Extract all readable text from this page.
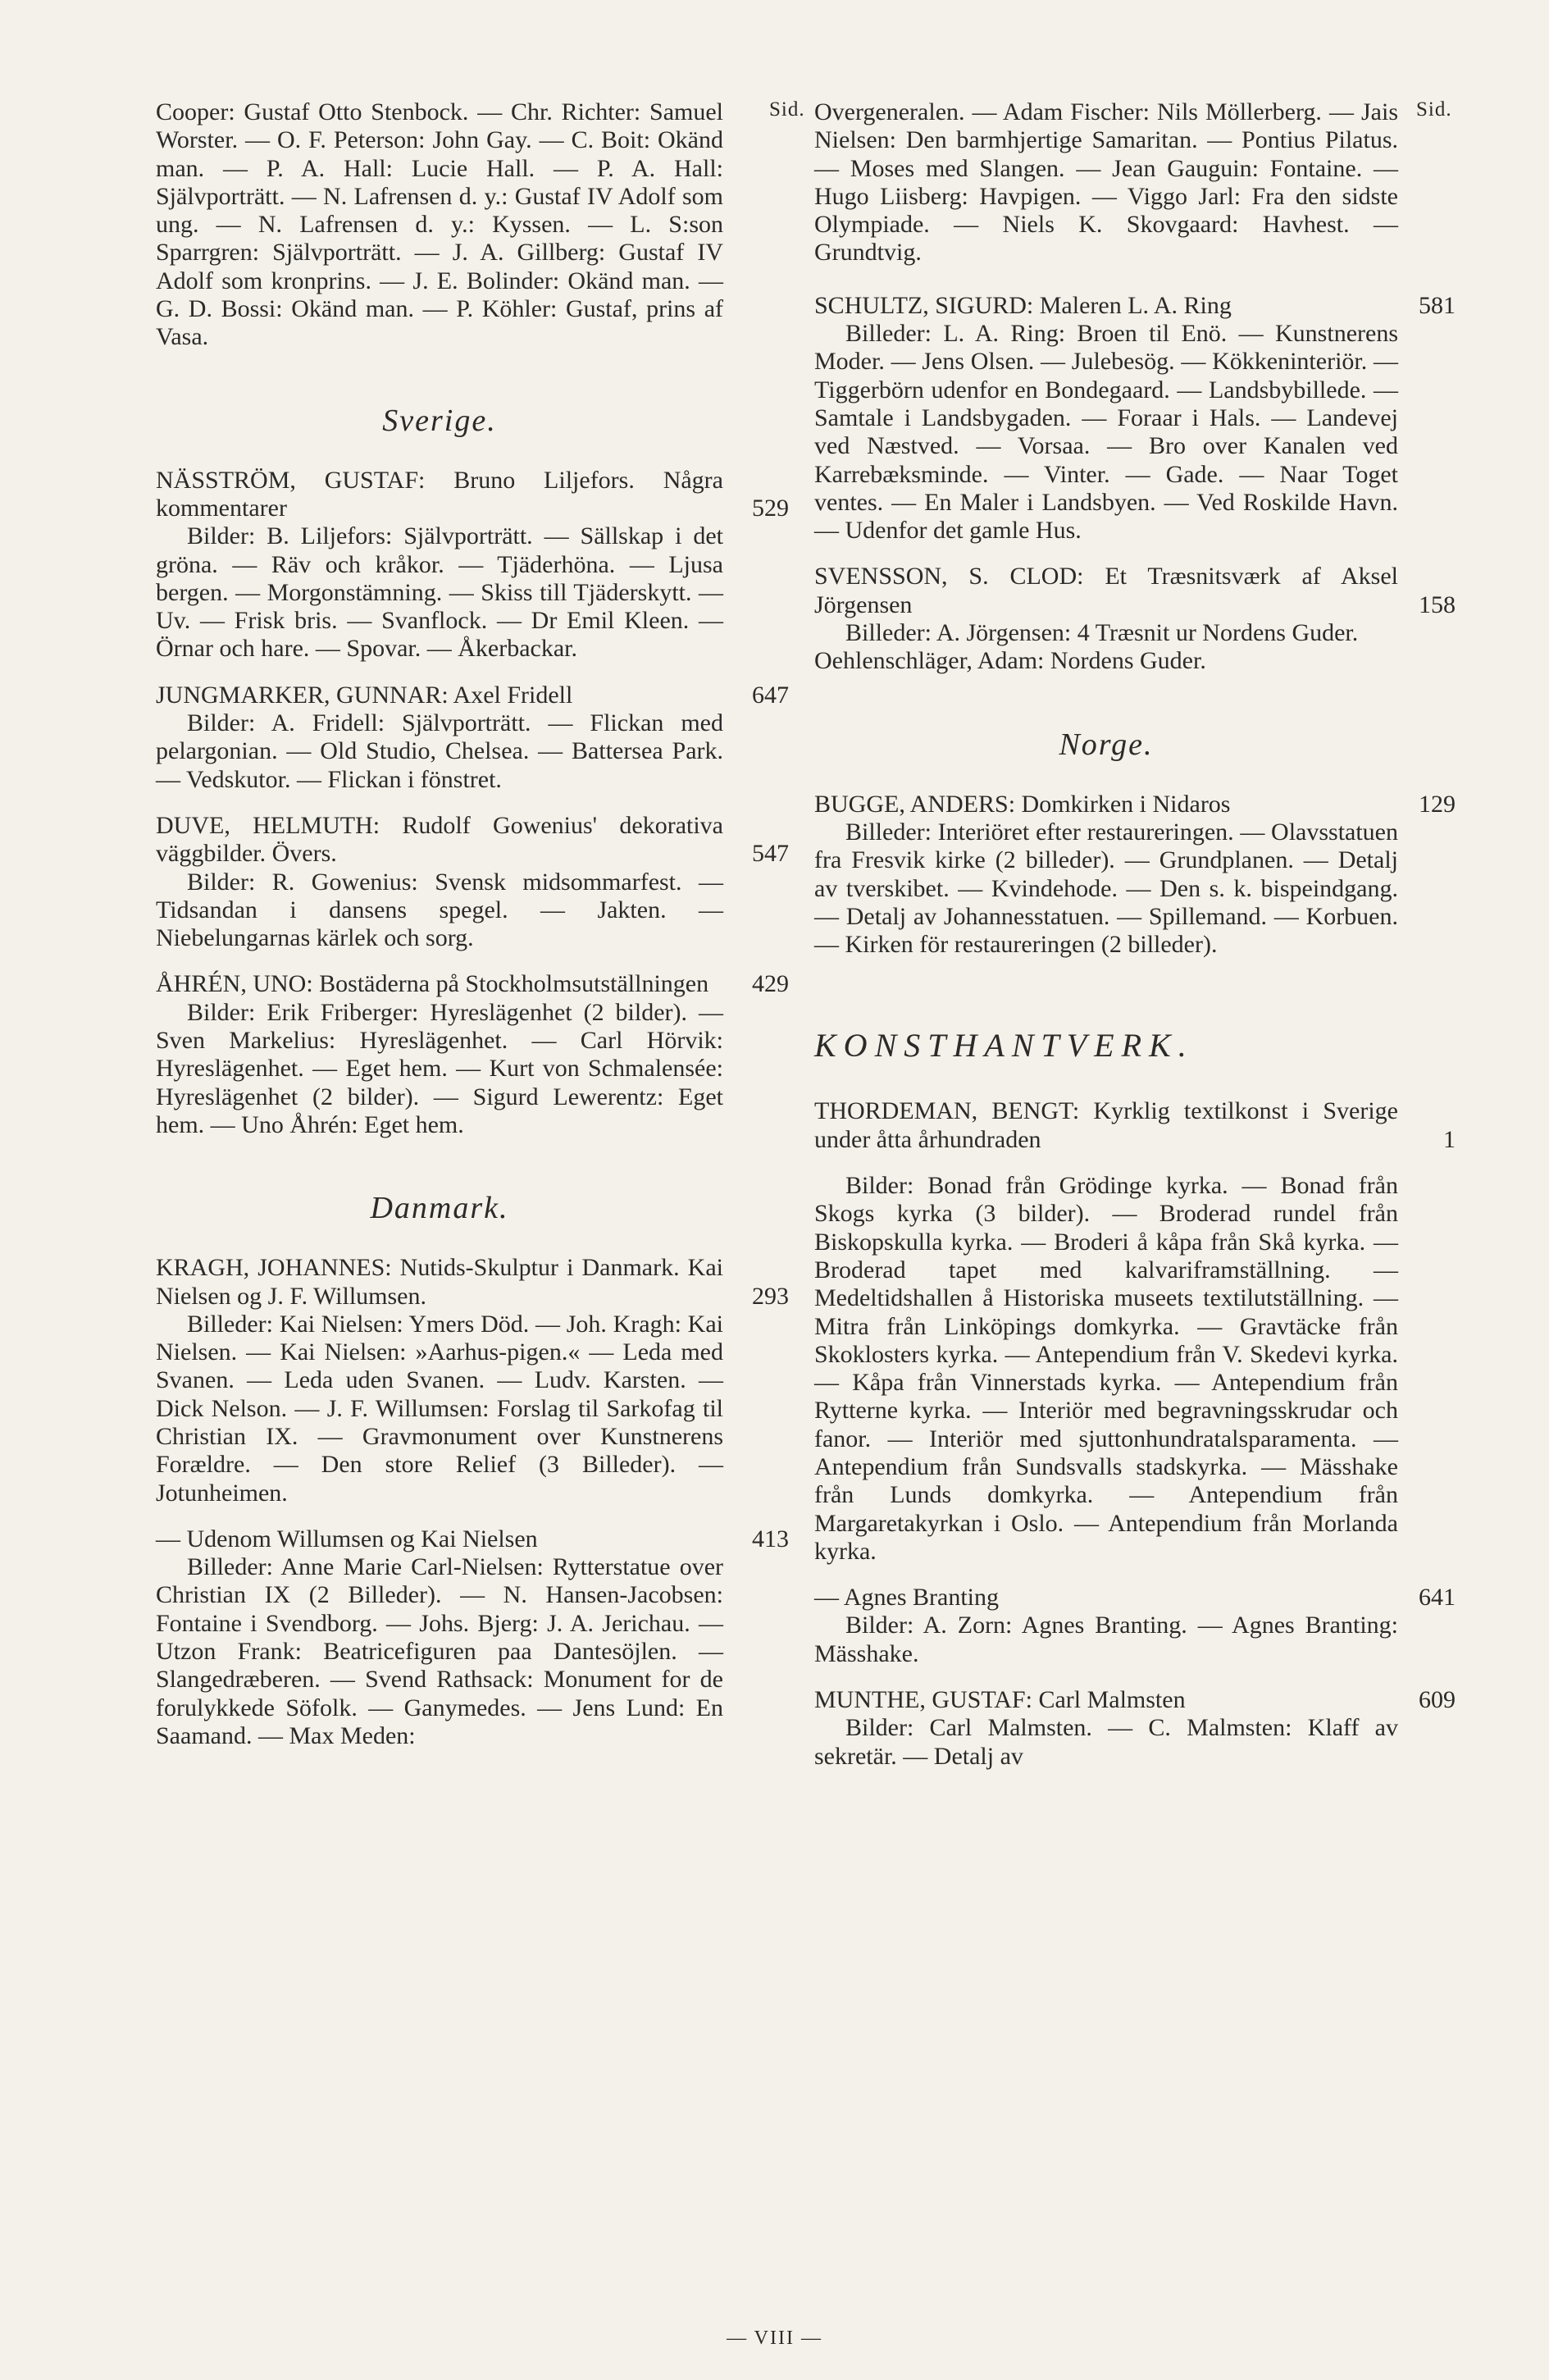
Sid.	Sid.

Cooper: Gustaf Otto Stenbock. — Chr. Richter: Samuel Worster. — O. F. Peterson: John Gay. — C. Boit: Okänd man. — P. A. Hall: Lucie Hall. — P. A. Hall: Självporträtt. — N. Lafrensen d. y.: Gustaf IV Adolf som ung. — N. Lafrensen d. y.: Kyssen. — L. S:son Sparrgren: Självporträtt. — J. A. Gillberg: Gustaf IV Adolf som kronprins. — J. E. Bolinder: Okänd man. — G. D. Bossi: Okänd man. — P. Köhler: Gustaf, prins af Vasa.

Sverige.

NÄSSTRÖM, GUSTAF: Bruno Liljefors. Några kommentarer	529

Bilder: B. Liljefors: Självporträtt. — Sällskap i det gröna. — Räv och kråkor. — Tjäderhöna. — Ljusa bergen. — Morgonstämning. — Skiss till Tjäderskytt. — Uv. — Frisk bris. — Svanflock. — Dr Emil Kleen. — Örnar och hare. — Spovar. — Åkerbackar.

JUNGMARKER, GUNNAR: Axel Fridell	647

Bilder: A. Fridell: Självporträtt. — Flickan med pelargonian. — Old Studio, Chelsea. — Battersea Park. — Vedskutor. — Flickan i fönstret.

DUVE, HELMUTH: Rudolf Gowenius' dekorativa väggbilder. Övers.	547

Bilder: R. Gowenius: Svensk midsommarfest. — Tidsandan i dansens spegel. — Jakten. — Niebelungarnas kärlek och sorg.

ÅHRÉN, UNO: Bostäderna på Stockholmsutställningen	429

Bilder: Erik Friberger: Hyreslägenhet (2 bilder). — Sven Markelius: Hyreslägenhet. — Carl Hörvik: Hyreslägenhet. — Eget hem. — Kurt von Schmalensée: Hyreslägenhet (2 bilder). — Sigurd Lewerentz: Eget hem. — Uno Åhrén: Eget hem.

Danmark.

KRAGH, JOHANNES: Nutids-Skulptur i Danmark. Kai Nielsen og J. F. Willumsen.	293

Billeder: Kai Nielsen: Ymers Död. — Joh. Kragh: Kai Nielsen. — Kai Nielsen: »Aarhus-pigen.« — Leda med Svanen. — Leda uden Svanen. — Ludv. Karsten. — Dick Nelson. — J. F. Willumsen: Forslag til Sarkofag til Christian IX. — Gravmonument over Kunstnerens Forældre. — Den store Relief (3 Billeder). — Jotunheimen.

— Udenom Willumsen og Kai Nielsen	413

Billeder: Anne Marie Carl-Nielsen: Rytterstatue over Christian IX (2 Billeder). — N. Hansen-Jacobsen: Fontaine i Svendborg. — Johs. Bjerg: J. A. Jerichau. — Utzon Frank: Beatricefiguren paa Dantesöjlen. — Slangedræberen. — Svend Rathsack: Monument for de forulykkede Söfolk. — Ganymedes. — Jens Lund: En Saamand. — Max Meden:

Overgeneralen. — Adam Fischer: Nils Möllerberg. — Jais Nielsen: Den barmhjertige Samaritan. — Pontius Pilatus. — Moses med Slangen. — Jean Gauguin: Fontaine. — Hugo Liisberg: Havpigen. — Viggo Jarl: Fra den sidste Olympiade. — Niels K. Skovgaard: Havhest. — Grundtvig.

SCHULTZ, SIGURD: Maleren L. A. Ring	581

Billeder: L. A. Ring: Broen til Enö. — Kunstnerens Moder. — Jens Olsen. — Julebesög. — Kökkeninteriör. — Tiggerbörn udenfor en Bondegaard. — Landsbybillede. — Samtale i Landsbygaden. — Foraar i Hals. — Landevej ved Næstved. — Vorsaa. — Bro over Kanalen ved Karrebæksminde. — Vinter. — Gade. — Naar Toget ventes. — En Maler i Landsbyen. — Ved Roskilde Havn. — Udenfor det gamle Hus.

SVENSSON, S. CLOD: Et Træsnitsværk af Aksel Jörgensen	158

Billeder: A. Jörgensen: 4 Træsnit ur Nordens Guder.

Oehlenschläger, Adam: Nordens Guder.

Norge.

BUGGE, ANDERS: Domkirken i Nidaros	129

Billeder: Interiöret efter restaureringen. — Olavsstatuen fra Fresvik kirke (2 billeder). — Grundplanen. — Detalj av tverskibet. — Kvindehode. — Den s. k. bispeindgang. — Detalj av Johannesstatuen. — Spillemand. — Korbuen. — Kirken för restaureringen (2 billeder).

KONSTHANTVERK.

THORDEMAN, BENGT: Kyrklig textilkonst i Sverige under åtta århundraden	1

Bilder: Bonad från Grödinge kyrka. — Bonad från Skogs kyrka (3 bilder). — Broderad rundel från Biskopskulla kyrka. — Broderi å kåpa från Skå kyrka. — Broderad tapet med kalvariframställning. — Medeltidshallen å Historiska museets textilutställning. — Mitra från Linköpings domkyrka. — Gravtäcke från Skoklosters kyrka. — Antependium från V. Skedevi kyrka. — Kåpa från Vinnerstads kyrka. — Antependium från Rytterne kyrka. — Interiör med begravningsskrudar och fanor. — Interiör med sjuttonhundratalsparamenta. — Antependium från Sundsvalls stadskyrka. — Mässhake från Lunds domkyrka. — Antependium från Margaretakyrkan i Oslo. — Antependium från Morlanda kyrka.

— Agnes Branting	641

Bilder: A. Zorn: Agnes Branting. — Agnes Branting: Mässhake.

MUNTHE, GUSTAF: Carl Malmsten	609

Bilder: Carl Malmsten. — C. Malmsten: Klaff av sekretär. — Detalj av

— VIII —
